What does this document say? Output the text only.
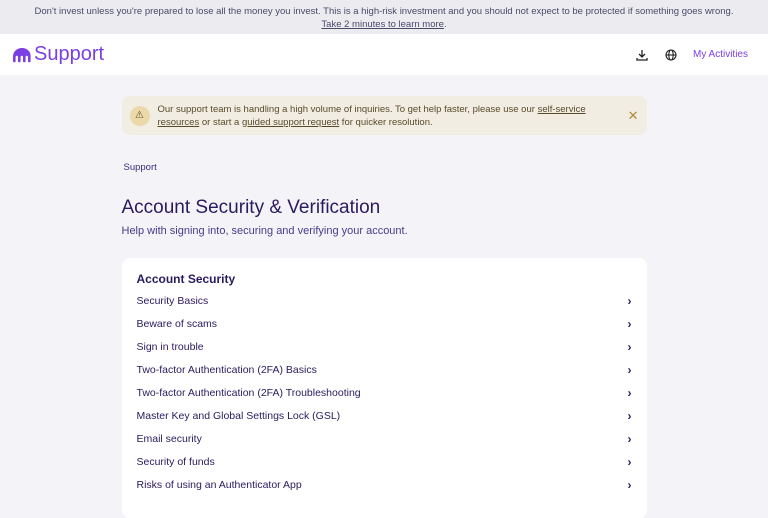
Don't invest unless you're prepared to lose all the money you invest. This is a high-risk investment and you should not expect to be protected if something goes wrong.
Take 2 minutes to learn more.
Support	My Activities
⚠
Our support team is handling a high volume of inquiries. To get help faster, please use our self-service resources or start a guided support request for quicker resolution.	✕
Support
Account Security & Verification
Help with signing into, securing and verifying your account.
Account Security
Security Basics	›
Beware of scams	›
Sign in trouble	›
Two-factor Authentication (2FA) Basics	›
Two-factor Authentication (2FA) Troubleshooting	›
Master Key and Global Settings Lock (GSL)	›
Email security	›
Security of funds	›
Risks of using an Authenticator App	›
